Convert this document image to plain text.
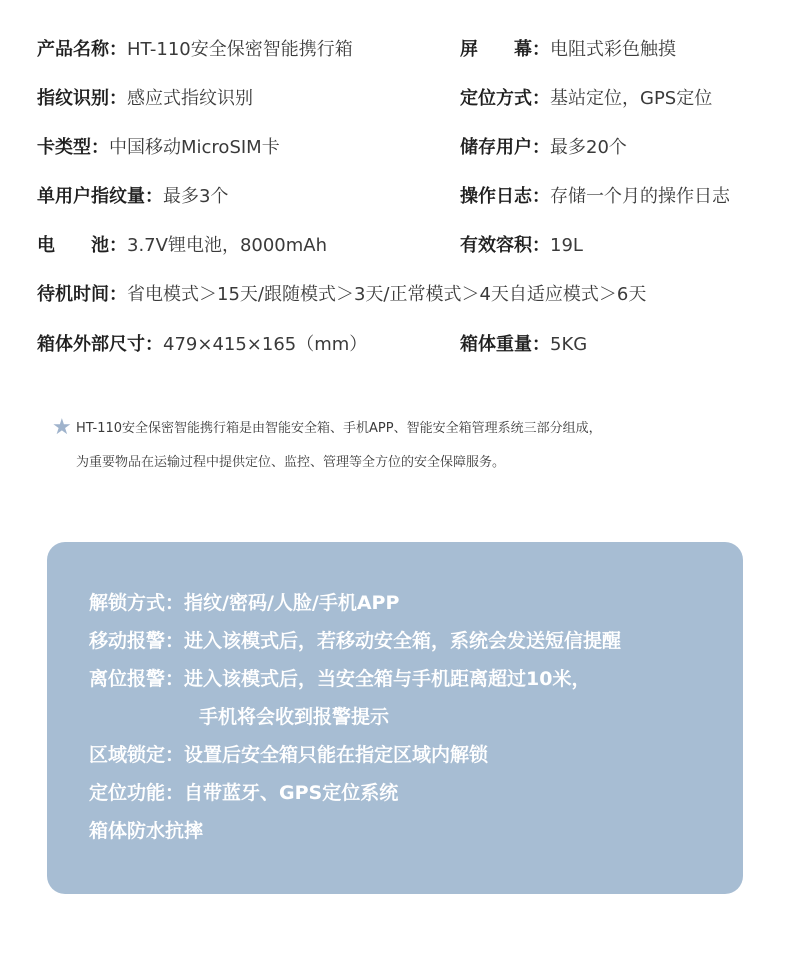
产品名称：HT-110安全保密智能携行箱	屏　　幕：电阻式彩色触摸
指纹识别：感应式指纹识别	定位方式：基站定位，GPS定位
卡类型：中国移动MicroSIM卡	储存用户：最多20个
单用户指纹量：最多3个	操作日志：存储一个月的操作日志
电　　池：3.7V锂电池，8000mAh	有效容积：19L
待机时间：省电模式＞15天/跟随模式＞3天/正常模式＞4天自适应模式＞6天
箱体外部尺寸：479×415×165（mm）	箱体重量：5KG
★ HT-110安全保密智能携行箱是由智能安全箱、手机APP、智能安全箱管理系统三部分组成，
为重要物品在运输过程中提供定位、监控、管理等全方位的安全保障服务。
解锁方式：指纹/密码/人脸/手机APP
移动报警：进入该模式后，若移动安全箱，系统会发送短信提醒
离位报警：进入该模式后，当安全箱与手机距离超过10米，
手机将会收到报警提示
区域锁定：设置后安全箱只能在指定区域内解锁
定位功能：自带蓝牙、GPS定位系统
箱体防水抗摔
